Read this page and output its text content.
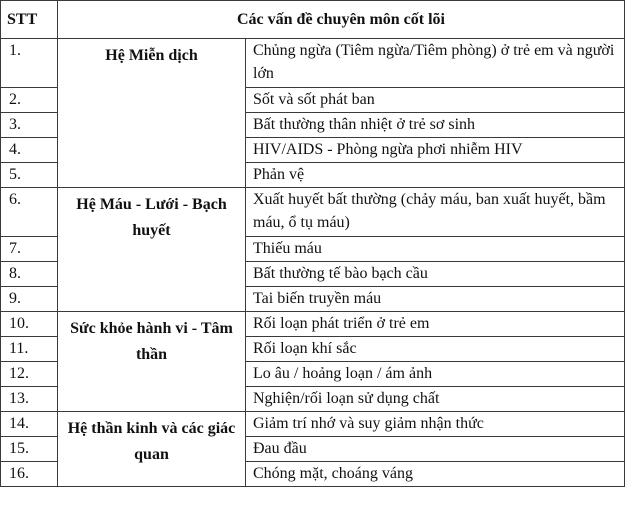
STT	Các vấn đề chuyên môn cốt lõi	
1.	Hệ Miễn dịch	Chủng ngừa (Tiêm ngừa/Tiêm phòng) ở trẻ em và người lớn
2.		Sốt và sốt phát ban
3.		Bất thường thân nhiệt ở trẻ sơ sinh
4.		HIV/AIDS - Phòng ngừa phơi nhiễm HIV
5.		Phản vệ
6.	Hệ Máu - Lưới - Bạch huyết	Xuất huyết bất thường (chảy máu, ban xuất huyết, bầm máu, ổ tụ máu)
7.		Thiếu máu
8.		Bất thường tế bào bạch cầu
9.		Tai biến truyền máu
10.	Sức khỏe hành vi - Tâm thần	Rối loạn phát triển ở trẻ em
11.		Rối loạn khí sắc
12.		Lo âu / hoảng loạn / ám ảnh
13.		Nghiện/rối loạn sử dụng chất
14.	Hệ thần kinh và các giác quan	Giảm trí nhớ và suy giảm nhận thức
15.		Đau đầu
16.		Chóng mặt, choáng váng
